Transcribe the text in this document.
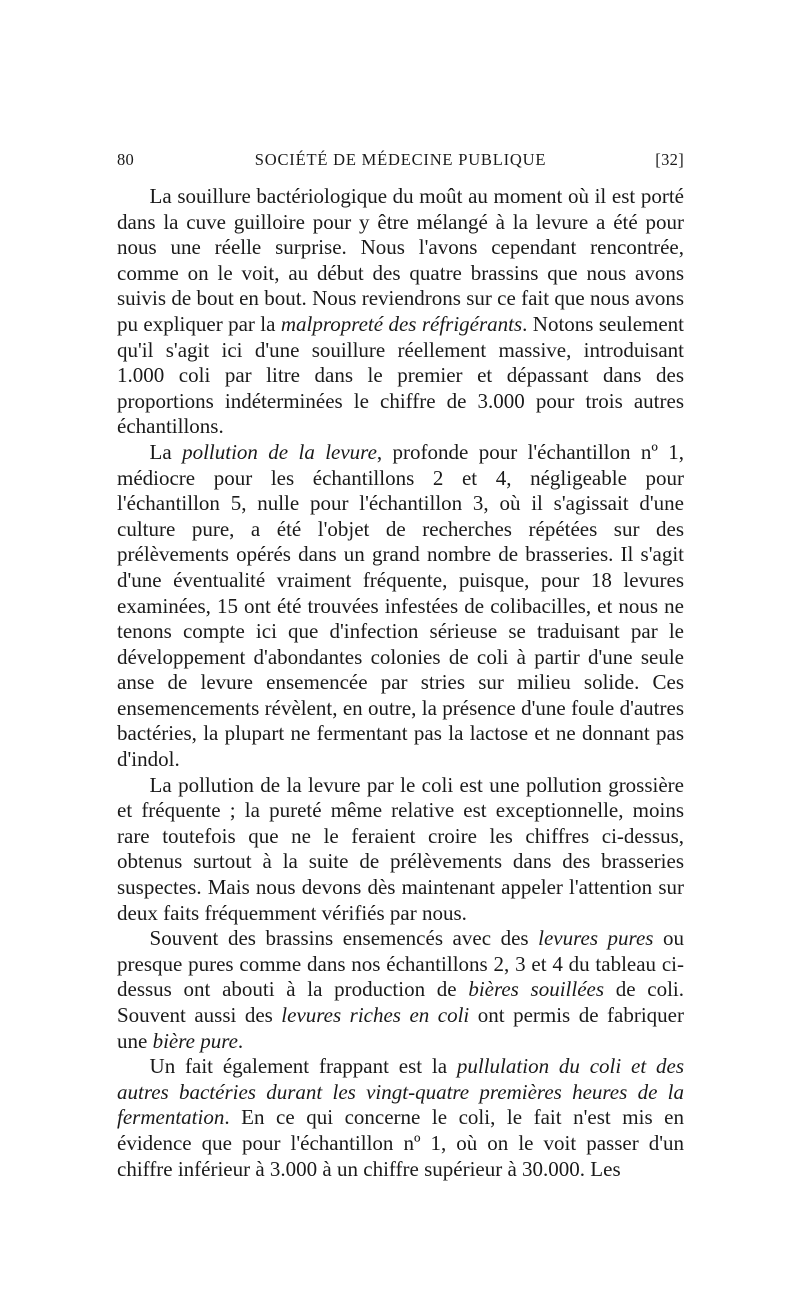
80	SOCIÉTÉ DE MÉDECINE PUBLIQUE	[32]

La souillure bactériologique du moût au moment où il est porté dans la cuve guilloire pour y être mélangé à la levure a été pour nous une réelle surprise. Nous l'avons cependant rencontrée, comme on le voit, au début des quatre brassins que nous avons suivis de bout en bout. Nous reviendrons sur ce fait que nous avons pu expliquer par la malpropreté des réfrigérants. Notons seulement qu'il s'agit ici d'une souillure réellement massive, introduisant 1.000 coli par litre dans le premier et dépassant dans des proportions indéterminées le chiffre de 3.000 pour trois autres échantillons.

La pollution de la levure, profonde pour l'échantillon nº 1, médiocre pour les échantillons 2 et 4, négligeable pour l'échantillon 5, nulle pour l'échantillon 3, où il s'agissait d'une culture pure, a été l'objet de recherches répétées sur des prélèvements opérés dans un grand nombre de brasseries. Il s'agit d'une éventualité vraiment fréquente, puisque, pour 18 levures examinées, 15 ont été trouvées infestées de colibacilles, et nous ne tenons compte ici que d'infection sérieuse se traduisant par le développement d'abondantes colonies de coli à partir d'une seule anse de levure ensemencée par stries sur milieu solide. Ces ensemencements révèlent, en outre, la présence d'une foule d'autres bactéries, la plupart ne fermentant pas la lactose et ne donnant pas d'indol.

La pollution de la levure par le coli est une pollution grossière et fréquente ; la pureté même relative est exceptionnelle, moins rare toutefois que ne le feraient croire les chiffres ci-dessus, obtenus surtout à la suite de prélèvements dans des brasseries suspectes. Mais nous devons dès maintenant appeler l'attention sur deux faits fréquemment vérifiés par nous.

Souvent des brassins ensemencés avec des levures pures ou presque pures comme dans nos échantillons 2, 3 et 4 du tableau ci-dessus ont abouti à la production de bières souillées de coli. Souvent aussi des levures riches en coli ont permis de fabriquer une bière pure.

Un fait également frappant est la pullulation du coli et des autres bactéries durant les vingt-quatre premières heures de la fermentation. En ce qui concerne le coli, le fait n'est mis en évidence que pour l'échantillon nº 1, où on le voit passer d'un chiffre inférieur à 3.000 à un chiffre supérieur à 30.000. Les
